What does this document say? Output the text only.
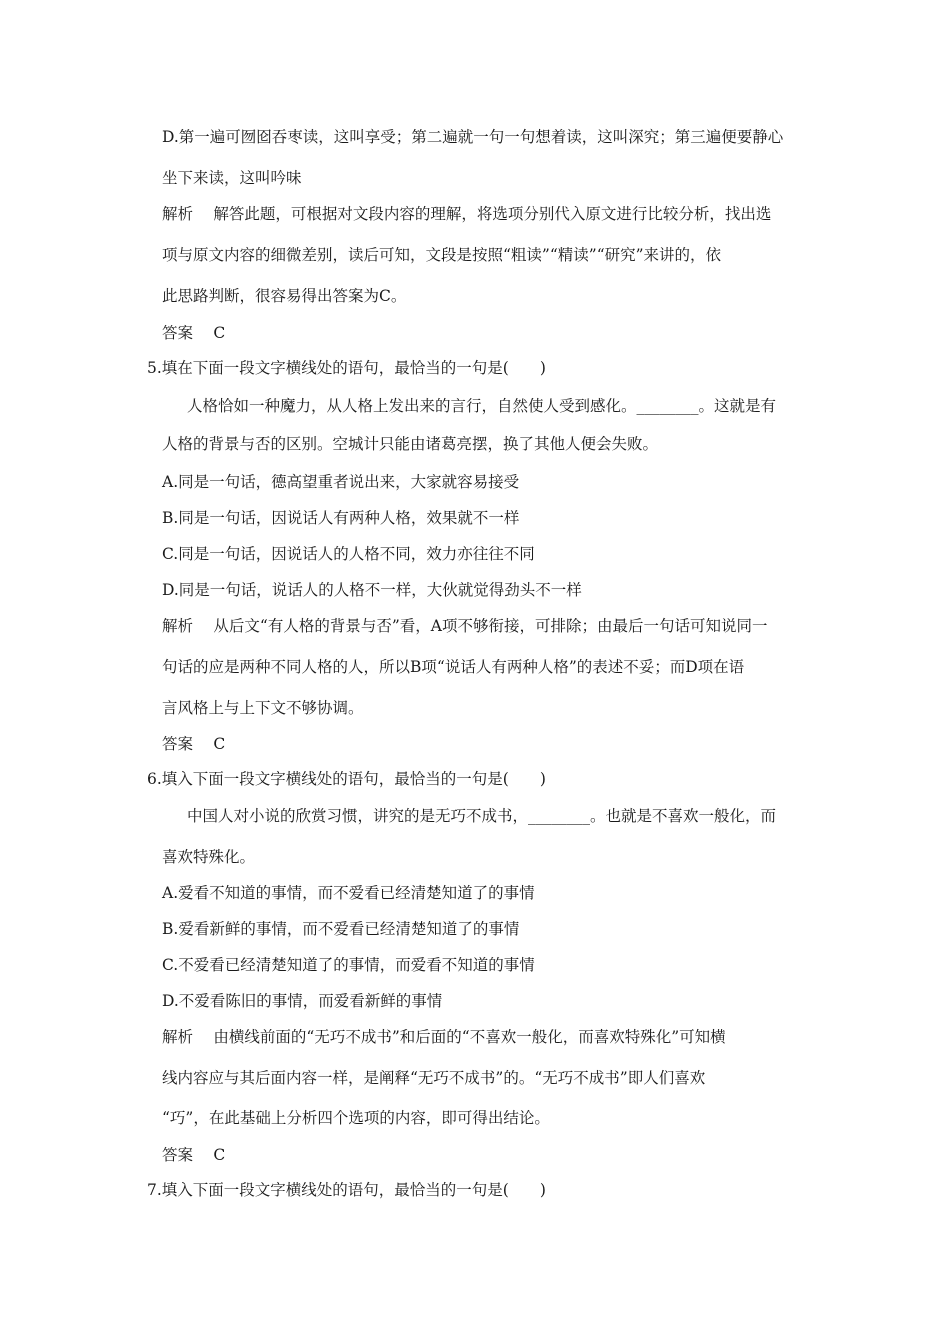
D.第一遍可囫囵吞枣读，这叫享受；第二遍就一句一句想着读，这叫深究；第三遍便要静心
坐下来读，这叫吟味
解析　 解答此题，可根据对文段内容的理解，将选项分别代入原文进行比较分析，找出选
项与原文内容的细微差别，读后可知，文段是按照“粗读”“精读”“研究”来讲的，依
此思路判断，很容易得出答案为C。
答案　 C
5.填在下面一段文字横线处的语句，最恰当的一句是(　　)
人格恰如一种魔力，从人格上发出来的言行，自然使人受到感化。________。这就是有
人格的背景与否的区别。空城计只能由诸葛亮摆，换了其他人便会失败。
A.同是一句话，德高望重者说出来，大家就容易接受
B.同是一句话，因说话人有两种人格，效果就不一样
C.同是一句话，因说话人的人格不同，效力亦往往不同
D.同是一句话，说话人的人格不一样，大伙就觉得劲头不一样
解析　 从后文“有人格的背景与否”看，A项不够衔接，可排除；由最后一句话可知说同一
句话的应是两种不同人格的人，所以B项“说话人有两种人格”的表述不妥；而D项在语
言风格上与上下文不够协调。
答案　 C
6.填入下面一段文字横线处的语句，最恰当的一句是(　　)
中国人对小说的欣赏习惯，讲究的是无巧不成书，________。也就是不喜欢一般化，而
喜欢特殊化。
A.爱看不知道的事情，而不爱看已经清楚知道了的事情
B.爱看新鲜的事情，而不爱看已经清楚知道了的事情
C.不爱看已经清楚知道了的事情，而爱看不知道的事情
D.不爱看陈旧的事情，而爱看新鲜的事情
解析　 由横线前面的“无巧不成书”和后面的“不喜欢一般化，而喜欢特殊化”可知横
线内容应与其后面内容一样，是阐释“无巧不成书”的。“无巧不成书”即人们喜欢
“巧”，在此基础上分析四个选项的内容，即可得出结论。
答案　 C
7.填入下面一段文字横线处的语句，最恰当的一句是(　　)
